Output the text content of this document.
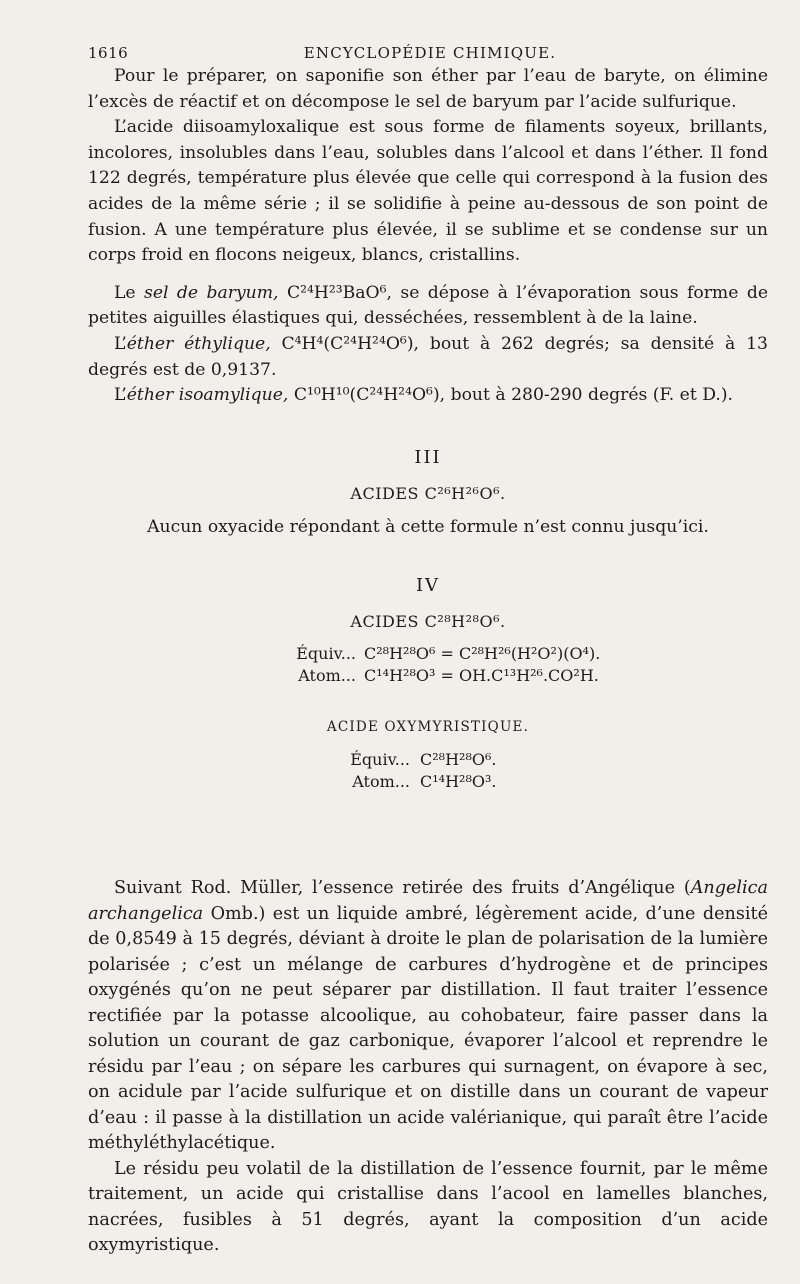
1616	ENCYCLOPÉDIE CHIMIQUE.

Pour le préparer, on saponifie son éther par l’eau de baryte, on élimine l’excès de réactif et on décompose le sel de baryum par l’acide sulfurique.

L’acide diisoamyloxalique est sous forme de filaments soyeux, brillants, incolores, insolubles dans l’eau, solubles dans l’alcool et dans l’éther. Il fond 122 degrés, température plus élevée que celle qui correspond à la fusion des acides de la même série ; il se solidifie à peine au-dessous de son point de fusion. A une température plus élevée, il se sublime et se condense sur un corps froid en flocons neigeux, blancs, cristallins.

Le sel de baryum, C²⁴H²³BaO⁶, se dépose à l’évaporation sous forme de petites aiguilles élastiques qui, desséchées, ressemblent à de la laine.

L’éther éthylique, C⁴H⁴(C²⁴H²⁴O⁶), bout à 262 degrés; sa densité à 13 degrés est de 0,9137.

L’éther isoamylique, C¹⁰H¹⁰(C²⁴H²⁴O⁶), bout à 280-290 degrés (F. et D.).

III
ACIDES C²⁶H²⁶O⁶.
Aucun oxyacide répondant à cette formule n’est connu jusqu’ici.
IV
ACIDES C²⁸H²⁸O⁶.
Équiv... C²⁸H²⁸O⁶ = C²⁸H²⁶(H²O²)(O⁴).
Atom... C¹⁴H²⁸O³ = OH.C¹³H²⁶.CO²H.
ACIDE OXYMYRISTIQUE.
Équiv... C²⁸H²⁸O⁶.
Atom... C¹⁴H²⁸O³.

Suivant Rod. Müller, l’essence retirée des fruits d’Angélique (Angelica archangelica Omb.) est un liquide ambré, légèrement acide, d’une densité de 0,8549 à 15 degrés, déviant à droite le plan de polarisation de la lumière polarisée ; c’est un mélange de carbures d’hydrogène et de principes oxygénés qu’on ne peut séparer par distillation. Il faut traiter l’essence rectifiée par la potasse alcoolique, au cohobateur, faire passer dans la solution un courant de gaz carbonique, évaporer l’alcool et reprendre le résidu par l’eau ; on sépare les carbures qui surnagent, on évapore à sec, on acidule par l’acide sulfurique et on distille dans un courant de vapeur d’eau : il passe à la distillation un acide valérianique, qui paraît être l’acide méthyléthylacétique.

Le résidu peu volatil de la distillation de l’essence fournit, par le même traitement, un acide qui cristallise dans l’acool en lamelles blanches, nacrées, fusibles à 51 degrés, ayant la composition d’un acide oxymyristique.
